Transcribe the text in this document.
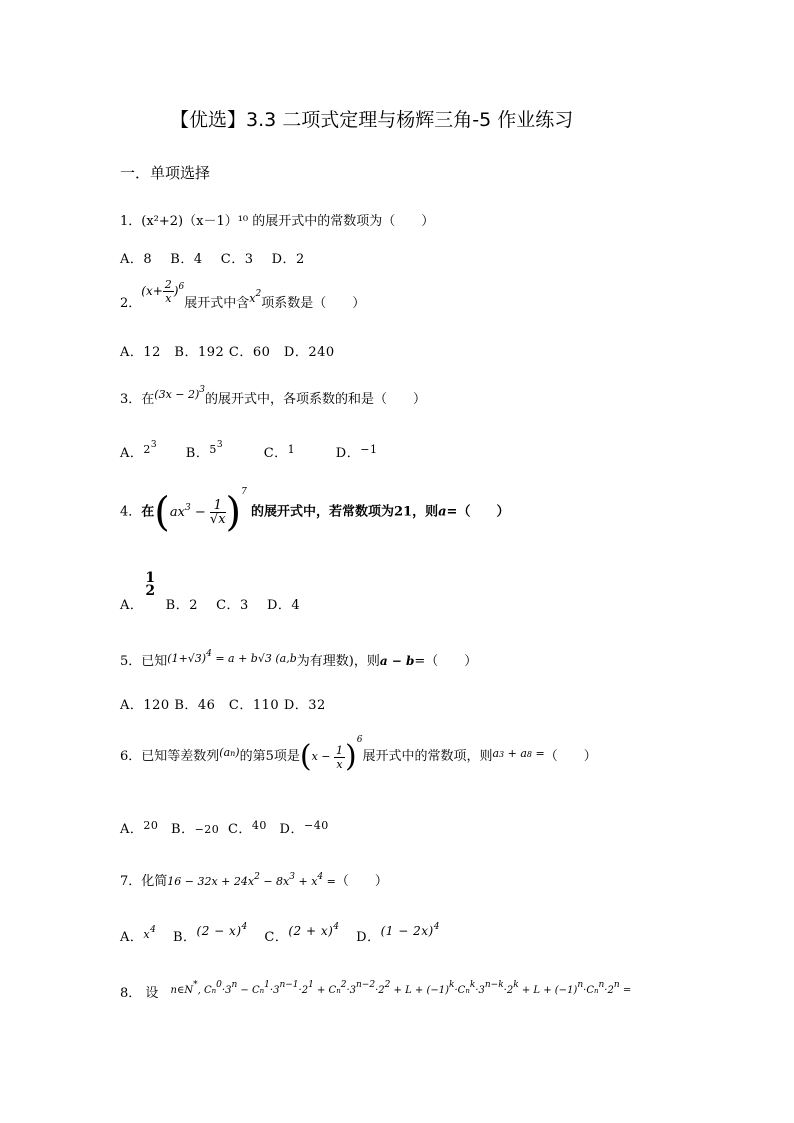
【优选】3.3 二项式定理与杨辉三角-5 作业练习
一．单项选择
1．(x²+2)（x－1）¹⁰ 的展开式中的常数项为（　　）
A．8　 B．4　 C．3　 D．2
2．$(x+ \frac{2}{x} )^6$展开式中含$^{x^2}$项系数是（　　）
A．12　B．192 C．60　D．240
3．在$^{(3x - 2)^3}$的展开式中，各项系数的和是（　　）
A．$^{2^3}$ B．$^{5^3}$ C．$^1$	D．$^{-1}$
4．在$(ax^3 - \frac{1}{√x} )^7$ 的展开式中，若常数项为21，则a=（　　）
A．
1
2
B．2　 C．3　 D．4
5．已知$^{(1+√3)^4 = a + b√3 (a,b}$为有理数)，则a − b=（　　）
A．120 B．46　C．110 D．32
6．已知等差数列$^{(an)}$的第5项是$(x - \frac{1}{x} )^6$展开式中的常数项，则$^{a3 + a8 =}$（　　）
A．$^{20}$ B．−20 C．$^{40}$ D．$^{-40}$
7．化简$16 - 32x + 24x^2 - 8x^3 + x^4$ =（　　）
A．$^{x^4}$ B．$(2 - x)^4$ C．$(2 + x)^4$ D．$(1 - 2x)^4$
8． 设 $^{n\in N*, Cn0\cdot 3n - Cn1\cdot 3n-1\cdot 21 + Cn2\cdot 3n-2\cdot 22 + L + (-1)k\cdot Cnk\cdot 3n-k\cdot 2k + L + (-1)n\cdot Cnn\cdot 2n =}$
